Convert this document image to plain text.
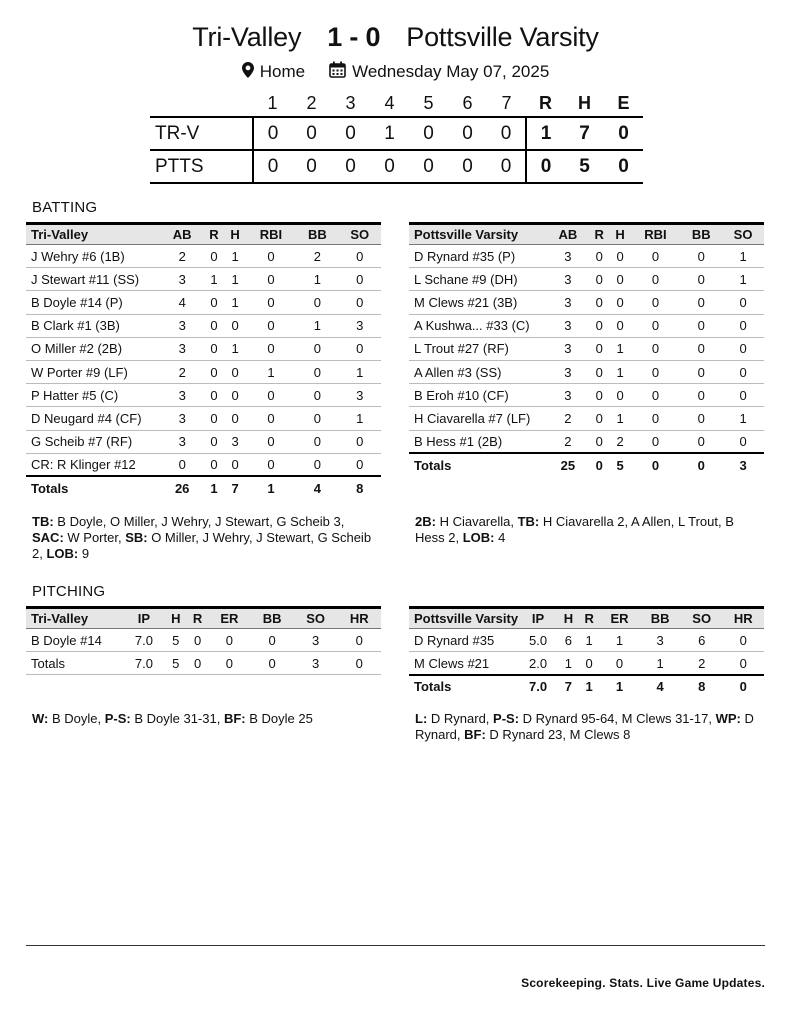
Tri-Valley 1 - 0 Pottsville Varsity
Home	Wednesday May 07, 2025
	1	2	3	4	5	6	7	R	H	E
TR-V	0	0	0	1	0	0	0	1	7	0
PTTS	0	0	0	0	0	0	0	0	5	0
BATTING
Tri-Valley	AB	R	H	RBI	BB	SO
J Wehry #6 (1B)	2	0	1	0	2	0
J Stewart #11 (SS)	3	1	1	0	1	0
B Doyle #14 (P)	4	0	1	0	0	0
B Clark #1 (3B)	3	0	0	0	1	3
O Miller #2 (2B)	3	0	1	0	0	0
W Porter #9 (LF)	2	0	0	1	0	1
P Hatter #5 (C)	3	0	0	0	0	3
D Neugard #4 (CF)	3	0	0	0	0	1
G Scheib #7 (RF)	3	0	3	0	0	0
CR: R Klinger #12	0	0	0	0	0	0
Totals	26	1	7	1	4	8
Pottsville Varsity	AB	R	H	RBI	BB	SO
D Rynard #35 (P)	3	0	0	0	0	1
L Schane #9 (DH)	3	0	0	0	0	1
M Clews #21 (3B)	3	0	0	0	0	0
A Kushwa... #33 (C)	3	0	0	0	0	0
L Trout #27 (RF)	3	0	1	0	0	0
A Allen #3 (SS)	3	0	1	0	0	0
B Eroh #10 (CF)	3	0	0	0	0	0
H Ciavarella #7 (LF)	2	0	1	0	0	1
B Hess #1 (2B)	2	0	2	0	0	0
Totals	25	0	5	0	0	3
TB: B Doyle, O Miller, J Wehry, J Stewart, G Scheib 3, SAC: W Porter, SB: O Miller, J Wehry, J Stewart, G Scheib 2, LOB: 9
2B: H Ciavarella, TB: H Ciavarella 2, A Allen, L Trout, B Hess 2, LOB: 4
PITCHING
Tri-Valley	IP	H	R	ER	BB	SO	HR
B Doyle #14	7.0	5	0	0	0	3	0
Totals	7.0	5	0	0	0	3	0
Pottsville Varsity	IP	H	R	ER	BB	SO	HR
D Rynard #35	5.0	6	1	1	3	6	0
M Clews #21	2.0	1	0	0	1	2	0
Totals	7.0	7	1	1	4	8	0
W: B Doyle, P-S: B Doyle 31-31, BF: B Doyle 25	L: D Rynard, P-S: D Rynard 95-64, M Clews 31-17, WP: D Rynard, BF: D Rynard 23, M Clews 8
Scorekeeping. Stats. Live Game Updates.
